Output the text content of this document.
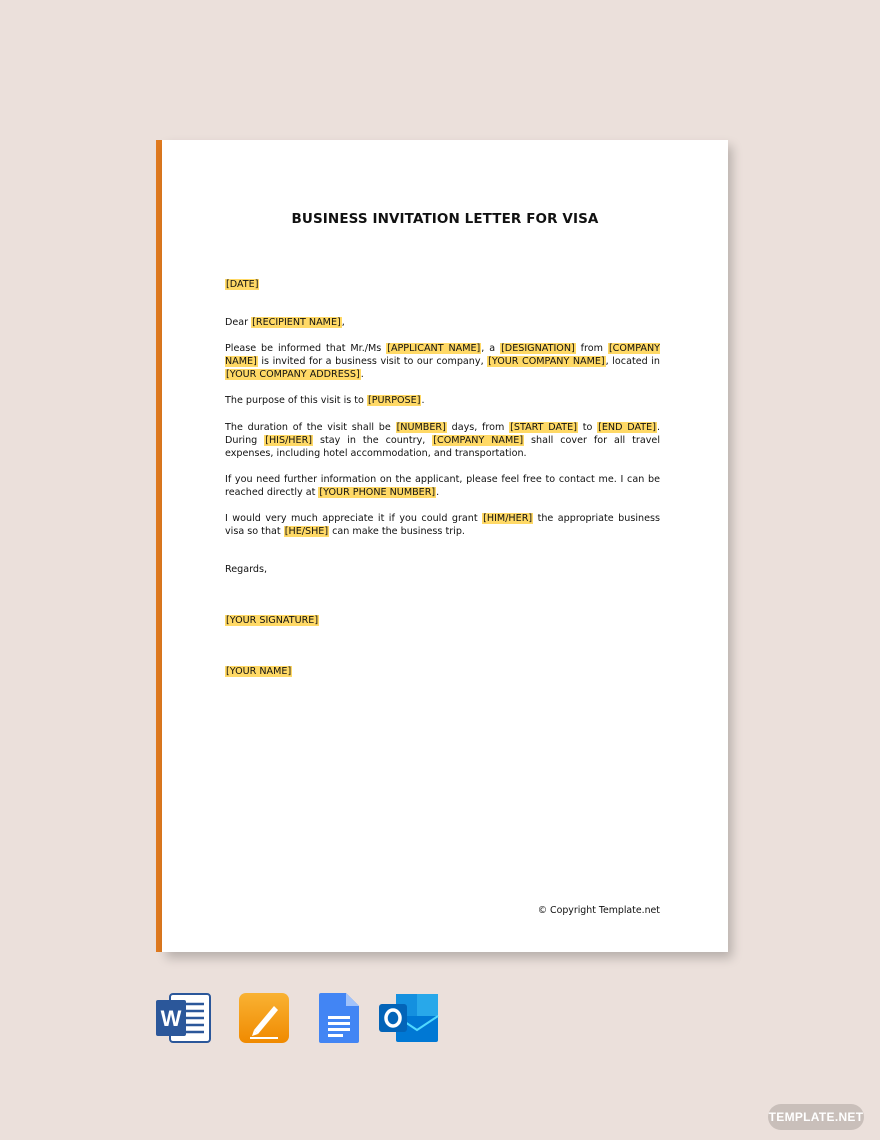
BUSINESS INVITATION LETTER FOR VISA
[DATE]
Dear [RECIPIENT NAME],

Please be informed that Mr./Ms [APPLICANT NAME], a [DESIGNATION] from [COMPANY NAME] is invited for a business visit to our company, [YOUR COMPANY NAME], located in [YOUR COMPANY ADDRESS].

The purpose of this visit is to [PURPOSE].

The duration of the visit shall be [NUMBER] days, from [START DATE] to [END DATE]. During [HIS/HER] stay in the country, [COMPANY NAME] shall cover for all travel expenses, including hotel accommodation, and transportation.

If you need further information on the applicant, please feel free to contact me. I can be reached directly at [YOUR PHONE NUMBER].

I would very much appreciate it if you could grant [HIM/HER] the appropriate business visa so that [HE/SHE] can make the business trip.

Regards,
[YOUR SIGNATURE]
[YOUR NAME]
© Copyright Template.net
W
TEMPLATE.NET
